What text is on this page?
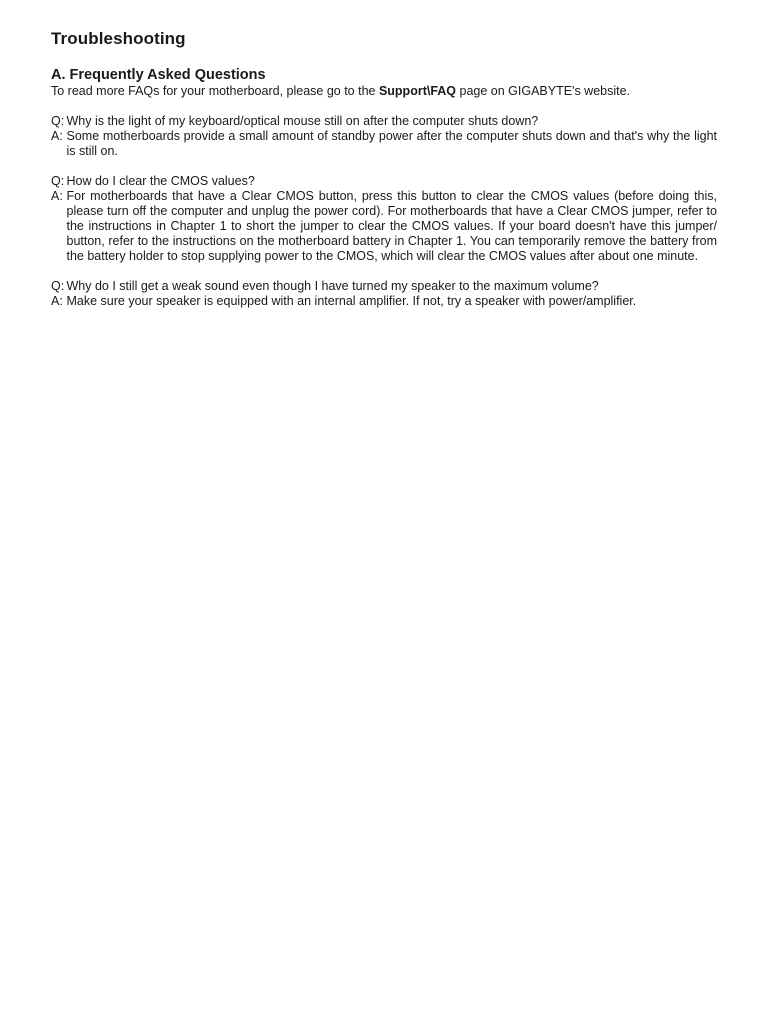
Troubleshooting
A. Frequently Asked Questions

To read more FAQs for your motherboard, please go to the Support\FAQ page on GIGABYTE's website.

Q: Why is the light of my keyboard/optical mouse still on after the computer shuts down?
A: Some motherboards provide a small amount of standby power after the computer shuts down and that's why the light is still on.
Q: How do I clear the CMOS values?
A: For motherboards that have a Clear CMOS button, press this button to clear the CMOS values (before doing this, please turn off the computer and unplug the power cord). For motherboards that have a Clear CMOS jumper, refer to the instructions in Chapter 1 to short the jumper to clear the CMOS values. If your board doesn't have this jumper/ button, refer to the instructions on the motherboard battery in Chapter 1. You can temporarily remove the battery from the battery holder to stop supplying power to the CMOS, which will clear the CMOS values after about one minute.
Q: Why do I still get a weak sound even though I have turned my speaker to the maximum volume?
A: Make sure your speaker is equipped with an internal amplifier. If not, try a speaker with power/amplifier.
